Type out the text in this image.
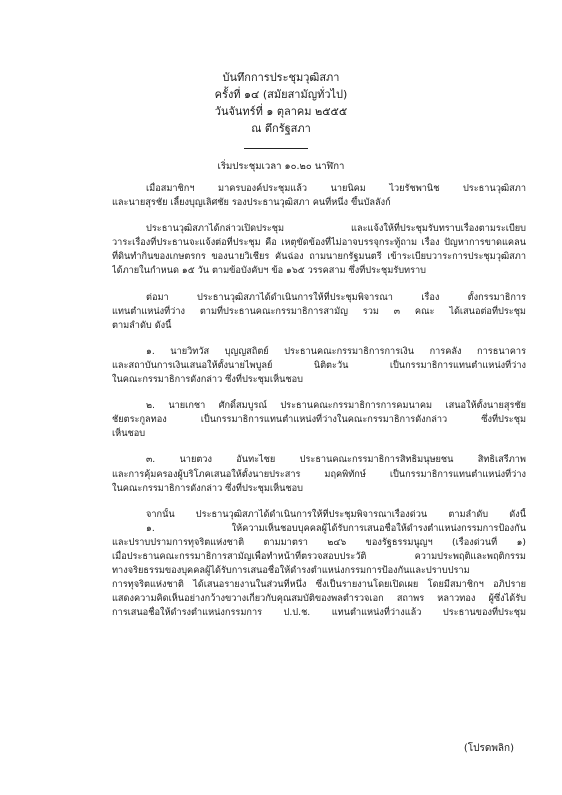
บันทึกการประชุมวุฒิสภา
ครั้งที่ ๑๔ (สมัยสามัญทั่วไป)
วันจันทร์ที่ ๑ ตุลาคม ๒๕๕๕
ณ ตึกรัฐสภา
เริ่มประชุมเวลา ๑๐.๒๐ นาฬิกา
เมื่อสมาชิกฯ มาครบองค์ประชุมแล้ว นายนิคม ไวยรัชพานิช ประธานวุฒิสภา
และนายสุรชัย เลี้ยงบุญเลิศชัย รองประธานวุฒิสภา คนที่หนึ่ง ขึ้นบัลลังก์
ประธานวุฒิสภาได้กล่าวเปิดประชุม และแจ้งให้ที่ประชุมรับทราบเรื่องตามระเบียบ
วาระเรื่องที่ประธานจะแจ้งต่อที่ประชุม คือ เหตุขัดข้องที่ไม่อาจบรรจุกระทู้ถาม เรื่อง ปัญหาการขาดแคลน
ที่ดินทำกินของเกษตรกร ของนายวิเชียร คันฉ่อง ถามนายกรัฐมนตรี เข้าระเบียบวาระการประชุมวุฒิสภา
ได้ภายในกำหนด ๑๕ วัน ตามข้อบังคับฯ ข้อ ๑๖๕ วรรคสาม ซึ่งที่ประชุมรับทราบ
ต่อมา ประธานวุฒิสภาได้ดำเนินการให้ที่ประชุมพิจารณา เรื่อง ตั้งกรรมาธิการ
แทนตำแหน่งที่ว่าง ตามที่ประธานคณะกรรมาธิการสามัญ รวม ๓ คณะ ได้เสนอต่อที่ประชุม
ตามลำดับ ดังนี้
๑. นายวิทวัส บุญญสถิตย์ ประธานคณะกรรมาธิการการเงิน การคลัง การธนาคาร
และสถาบันการเงินเสนอให้ตั้งนายไพบูลย์ นิติตะวัน เป็นกรรมาธิการแทนตำแหน่งที่ว่าง
ในคณะกรรมาธิการดังกล่าว ซึ่งที่ประชุมเห็นชอบ
๒. นายเกชา ศักดิ์สมบูรณ์ ประธานคณะกรรมาธิการการคมนาคม เสนอให้ตั้งนายสุรชัย
ชัยตระกูลทอง เป็นกรรมาธิการแทนตำแหน่งที่ว่างในคณะกรรมาธิการดังกล่าว ซึ่งที่ประชุม
เห็นชอบ
๓. นายตวง อันทะไชย ประธานคณะกรรมาธิการสิทธิมนุษยชน สิทธิเสรีภาพ
และการคุ้มครองผู้บริโภคเสนอให้ตั้งนายประสาร มฤคพิทักษ์ เป็นกรรมาธิการแทนตำแหน่งที่ว่าง
ในคณะกรรมาธิการดังกล่าว ซึ่งที่ประชุมเห็นชอบ
จากนั้น ประธานวุฒิสภาได้ดำเนินการให้ที่ประชุมพิจารณาเรื่องด่วน ตามลำดับ ดังนี้
๑. ให้ความเห็นชอบบุคคลผู้ได้รับการเสนอชื่อให้ดำรงตำแหน่งกรรมการป้องกัน
และปราบปรามการทุจริตแห่งชาติ ตามมาตรา ๒๔๖ ของรัฐธรรมนูญฯ (เรื่องด่วนที่ ๑)
เมื่อประธานคณะกรรมาธิการสามัญเพื่อทำหน้าที่ตรวจสอบประวัติ ความประพฤติและพฤติกรรม
ทางจริยธรรมของบุคคลผู้ได้รับการเสนอชื่อให้ดำรงตำแหน่งกรรมการป้องกันและปราบปราม
การทุจริตแห่งชาติ ได้เสนอรายงานในส่วนที่หนึ่ง ซึ่งเป็นรายงานโดยเปิดเผย โดยมีสมาชิกฯ อภิปราย
แสดงความคิดเห็นอย่างกว้างขวางเกี่ยวกับคุณสมบัติของพลตำรวจเอก สถาพร หลาวทอง ผู้ซึ่งได้รับ
การเสนอชื่อให้ดำรงตำแหน่งกรรมการ ป.ป.ช. แทนตำแหน่งที่ว่างแล้ว ประธานของที่ประชุม
(โปรดพลิก)
